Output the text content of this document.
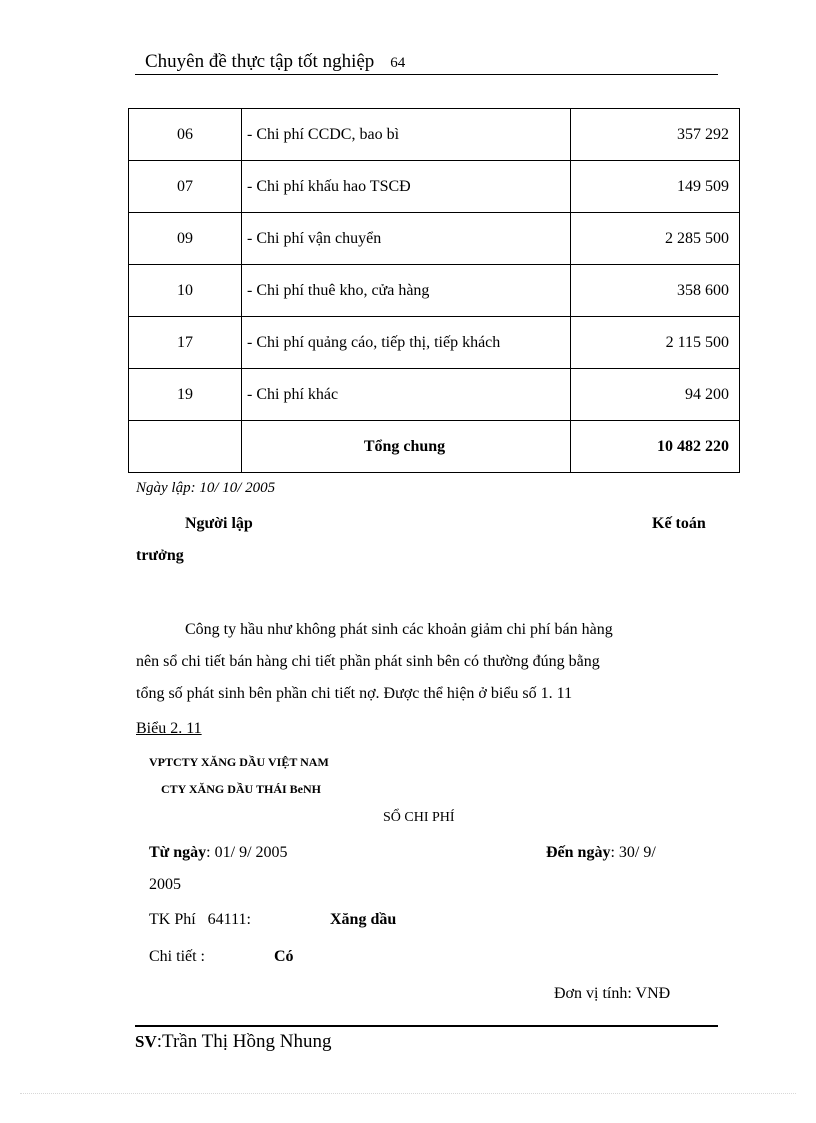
Chuyên đề thực tập tốt nghiệp 64
06	- Chi phí CCDC, bao bì	357 292
07	- Chi phí khấu hao TSCĐ	149 509
09	- Chi phí vận chuyển	2 285 500
10	- Chi phí thuê kho, cửa hàng	358 600
17	- Chi phí quảng cáo, tiếp thị, tiếp khách	2 115 500
19	- Chi phí khác	94 200
	Tổng chung	10 482 220
Ngày lập: 10/ 10/ 2005
Người lập	Kế toán
trưởng
Công ty hầu như không phát sinh các khoản giảm chi phí bán hàng
nên sổ chi tiết bán hàng chi tiết phần phát sinh bên có thường đúng bằng
tổng số phát sinh bên phần chi tiết nợ. Được thể hiện ở biểu số 1. 11
Biểu 2. 11
VPTCTY XĂNG DẦU VIỆT NAM
CTY XĂNG DẦU THÁI BeNH
SỔ CHI PHÍ
Từ ngày: 01/ 9/ 2005	Đến ngày: 30/ 9/
2005
TK Phí   64111:	Xăng dầu
Chi tiết :	Có
Đơn vị tính: VNĐ
SV:Trần Thị Hồng Nhung
